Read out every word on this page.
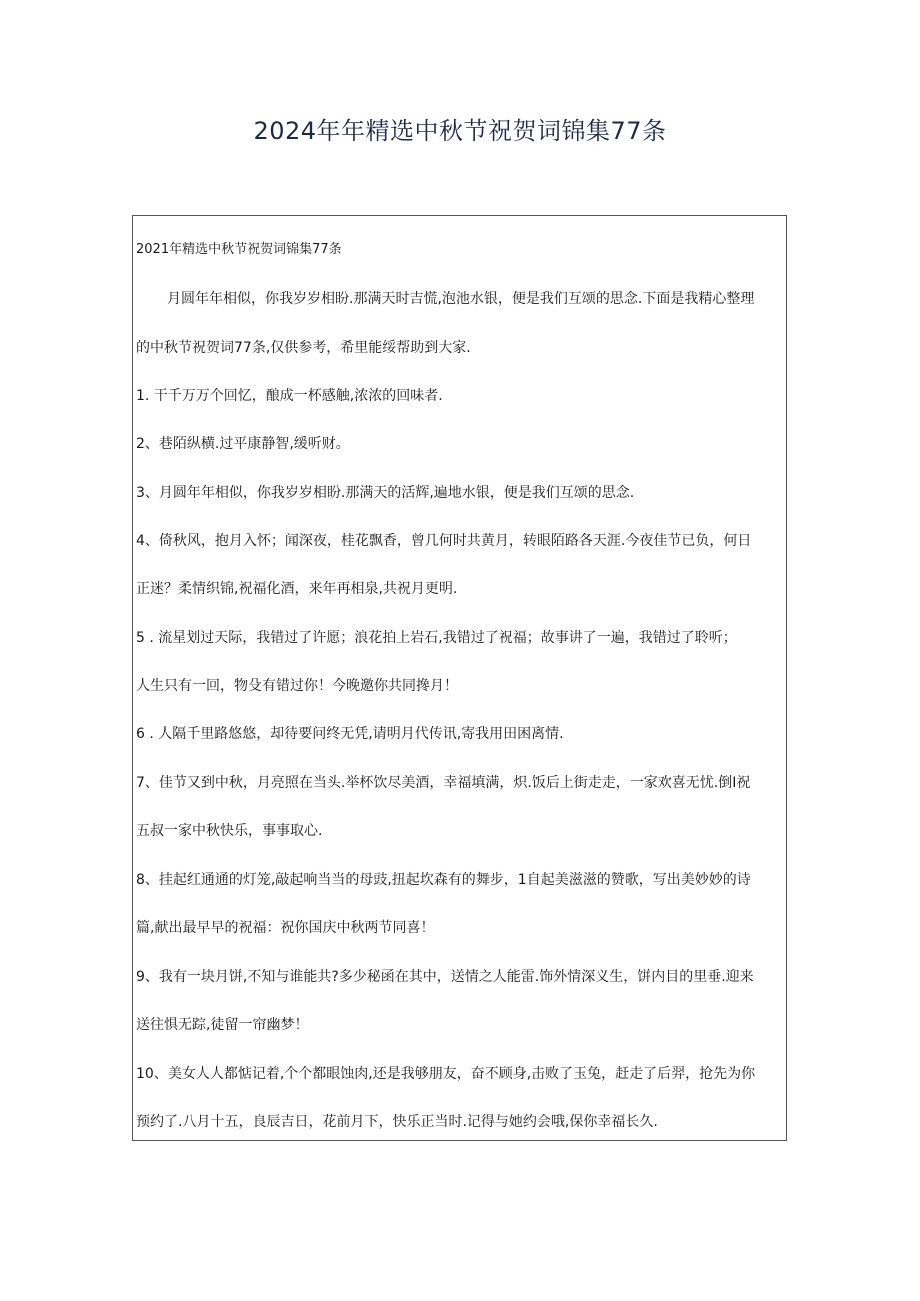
2024年年精选中秋节祝贺词锦集77条
2021年精选中秋节祝贺词锦集77条
月圆年年相似，你我岁岁相盼.那满天时吉慌,泡池水银，便是我们互颂的思念.下面是我精心整理
的中秋节祝贺词77条,仅供参考，希里能绥帮助到大家.
1. 干千万万个回忆，酿成一杯感触,浓浓的回味者.
2、巷陌纵横.过平康静智,缓听财。
3、月圆年年相似，你我岁岁相盼.那满天的活辉,遍地水银，便是我们互颂的思念.
4、倚秋风，抱月入怀；闻深夜，桂花飘香，曾几何时共黄月，转眼陌路各天涯.今夜佳节已负，何日
正迷？柔情织锦,祝福化酒，来年再相泉,共祝月更明.
5 . 流星划过天际，我错过了许愿；浪花拍上岩石,我错过了祝福；故事讲了一遍，我错过了聆听；
人生只有一回，物殳有错过你！今晚邀你共同搀月！
6 . 人隔千里路悠悠，却待要问终无凭,请明月代传讯,寄我用田困离情.
7、佳节又到中秋，月亮照在当头.举杯饮尽美酒，幸福填满，炽.饭后上街走走，一家欢喜无忧.倒I祝
五叔一家中秋快乐，事事取心.
8、挂起红通通的灯笼,敲起响当当的母豉,扭起坎森有的舞步，1自起美滋滋的赞歌，写出美妙妙的诗
篇,献出最早早的祝福：祝你国庆中秋两节同喜！
9、我有一块月饼,不知与谁能共?多少秘函在其中，送情之人能雷.饰外情深义生，饼内目的里垂.迎来
送往惧无踪,徒留一帘幽梦！
10、美女人人都惦记着,个个都眼蚀肉,还是我够朋友，奋不顾身,击败了玉兔，赶走了后羿，抢先为你
预约了.八月十五，良辰吉日，花前月下，快乐正当时.记得与她约会哦,保你幸福长久.
